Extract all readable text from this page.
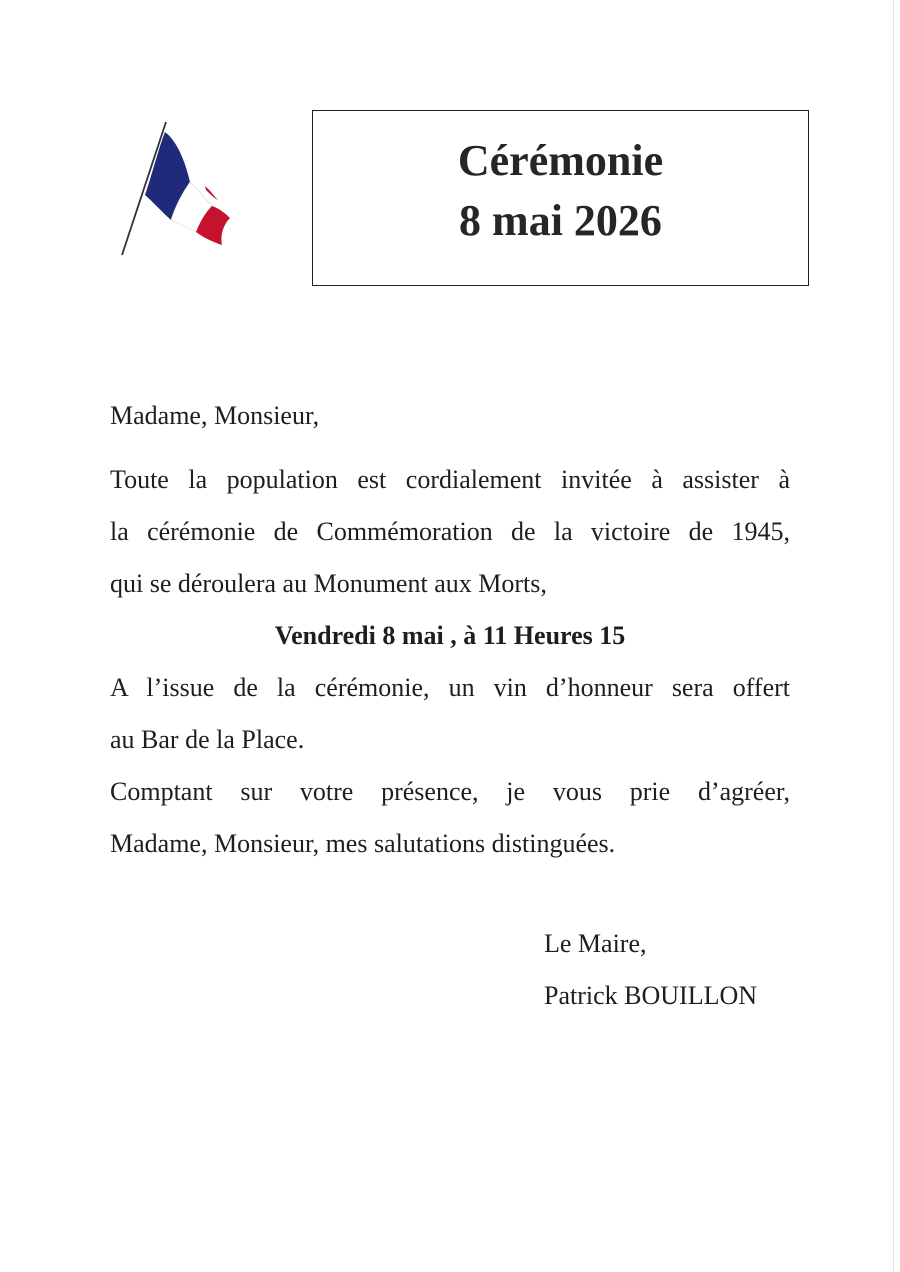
Cérémonie
8 mai 2026

Madame, Monsieur,

Toute la population est cordialement invitée à assister à

la cérémonie de Commémoration de la victoire de 1945,

qui se déroulera au Monument aux Morts,

Vendredi 8 mai , à 11 Heures 15

A l’issue de la cérémonie, un vin d’honneur sera offert

au Bar de la Place.

Comptant sur votre présence, je vous prie d’agréer,

Madame, Monsieur, mes salutations distinguées.

Le Maire,

Patrick BOUILLON
